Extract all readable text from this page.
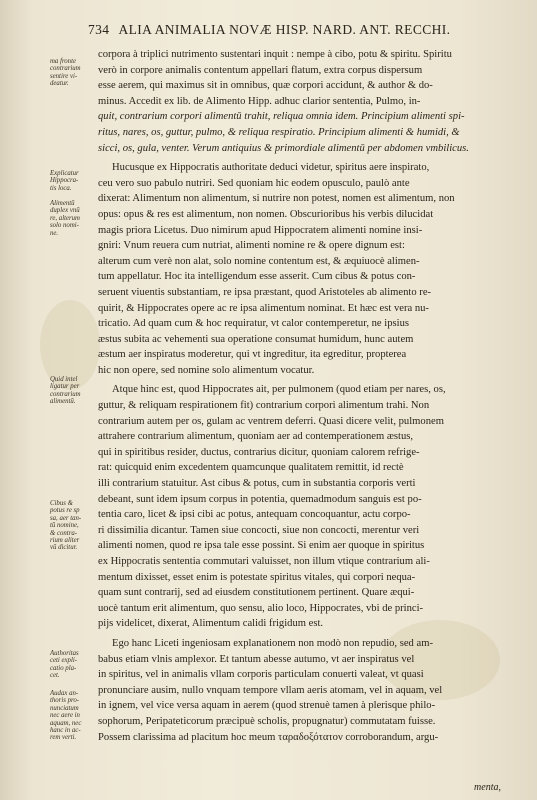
734 ALIA ANIMALIA NOVÆ HISP. NARD. ANT. RECCHI.
ma fronte
contrarium
sentire vi-
deatur.
Explicatur
Hippocra-
tis loca.
Alimentū
duplex vnū
re, alterum
solo nomi-
ne.
Quid intel
ligatur per
contrarium
alimentū.
Cibus &
potus re sp
sa, aer tan-
tū nomine,
& contra-
rium aliter
vū dicitur.
Authoritas
ceti expli-
catio pla-
cet.
Audax an-
thoris pro-
nunciatum
nec aere in
aquam, nec
hanc in ac-
rem verti.
corpora à triplici nutrimento sustentari inquit : nempe à cibo, potu & spiritu. Spiritu
verò in corpore animalis contentum appellari flatum, extra corpus dispersum
esse aerem, qui maximus sit in omnibus, quæ corpori accidunt, & author & do-
minus. Accedit ex lib. de Alimento Hipp. adhuc clarior sententia, Pulmo, in-
quit, contrarium corpori alimentū trahit, reliqua omnia idem. Principium alimenti spi-
ritus, nares, os, guttur, pulmo, & reliqua respiratio. Principium alimenti & humidi, &
sicci, os, gula, venter. Verum antiquius & primordiale alimentū per abdomen vmbilicus.
Hucusque ex Hippocratis authoritate deduci videtur, spiritus aere inspirato,
ceu vero suo pabulo nutriri. Sed quoniam hic eodem opusculo, paulò ante
dixerat: Alimentum non alimentum, si nutrire non potest, nomen est alimentum, non
opus: opus & res est alimentum, non nomen. Obscurioribus his verbis dilucidat
magis priora Licetus. Duo nimirum apud Hippocratem alimenti nomine insi-
gniri: Vnum reuera cum nutriat, alimenti nomine re & opere dignum est:
alterum cum verè non alat, solo nomine contentum est, & æquiuocè alimen-
tum appellatur. Hoc ita intelligendum esse asserit. Cum cibus & potus con-
seruent viuentis substantiam, re ipsa præstant, quod Aristoteles ab alimento re-
quirit, & Hippocrates opere ac re ipsa alimentum nominat. Et hæc est vera nu-
tricatio. Ad quam cum & hoc requiratur, vt calor contemperetur, ne ipsius
æstus subita ac vehementi sua operatione consumat humidum, hunc autem
æstum aer inspiratus moderetur, qui vt ingreditur, ita egreditur, propterea
hic non opere, sed nomine solo alimentum vocatur.
Atque hinc est, quod Hippocrates ait, per pulmonem (quod etiam per nares, os,
guttur, & reliquam respirationem fit) contrarium corpori alimentum trahi. Non
contrarium autem per os, gulam ac ventrem deferri. Quasi dicere velit, pulmonem
attrahere contrarium alimentum, quoniam aer ad contemperationem æstus,
qui in spiritibus resider, ductus, contrarius dicitur, quoniam calorem refrige-
rat: quicquid enim excedentem quamcunque qualitatem remittit, id rectè
illi contrarium statuitur. Ast cibus & potus, cum in substantia corporis verti
debeant, sunt idem ipsum corpus in potentia, quemadmodum sanguis est po-
tentia caro, licet & ipsi cibi ac potus, antequam concoquantur, actu corpo-
ri dissimilia dicantur. Tamen siue concocti, siue non concocti, merentur veri
alimenti nomen, quod re ipsa tale esse possint. Si enim aer quoque in spiritus
ex Hippocratis sententia commutari valuisset, non illum vtique contrarium ali-
mentum dixisset, esset enim is potestate spiritus vitales, qui corpori nequa-
quam sunt contrarij, sed ad eiusdem constitutionem pertinent. Quare æqui-
uocè tantum erit alimentum, quo sensu, alio loco, Hippocrates, vbi de princi-
pijs videlicet, dixerat, Alimentum calidi frigidum est.
Ego hanc Liceti ingeniosam explanationem non modò non repudio, sed am-
babus etiam vlnis amplexor. Et tantum abesse autumo, vt aer inspiratus vel
in spiritus, vel in animalis vllam corporis particulam conuerti valeat, vt quasi
pronunciare ausim, nullo vnquam tempore vllam aeris atomam, vel in aquam, vel
in ignem, vel vice versa aquam in aerem (quod strenuè tamen à plerisque philo-
sophorum, Peripateticorum præcipuè scholis, propugnatur) commutatam fuisse.
Possem clarissima ad placitum hoc meum ταραδοξότατον corroborandum, argu-
menta,
